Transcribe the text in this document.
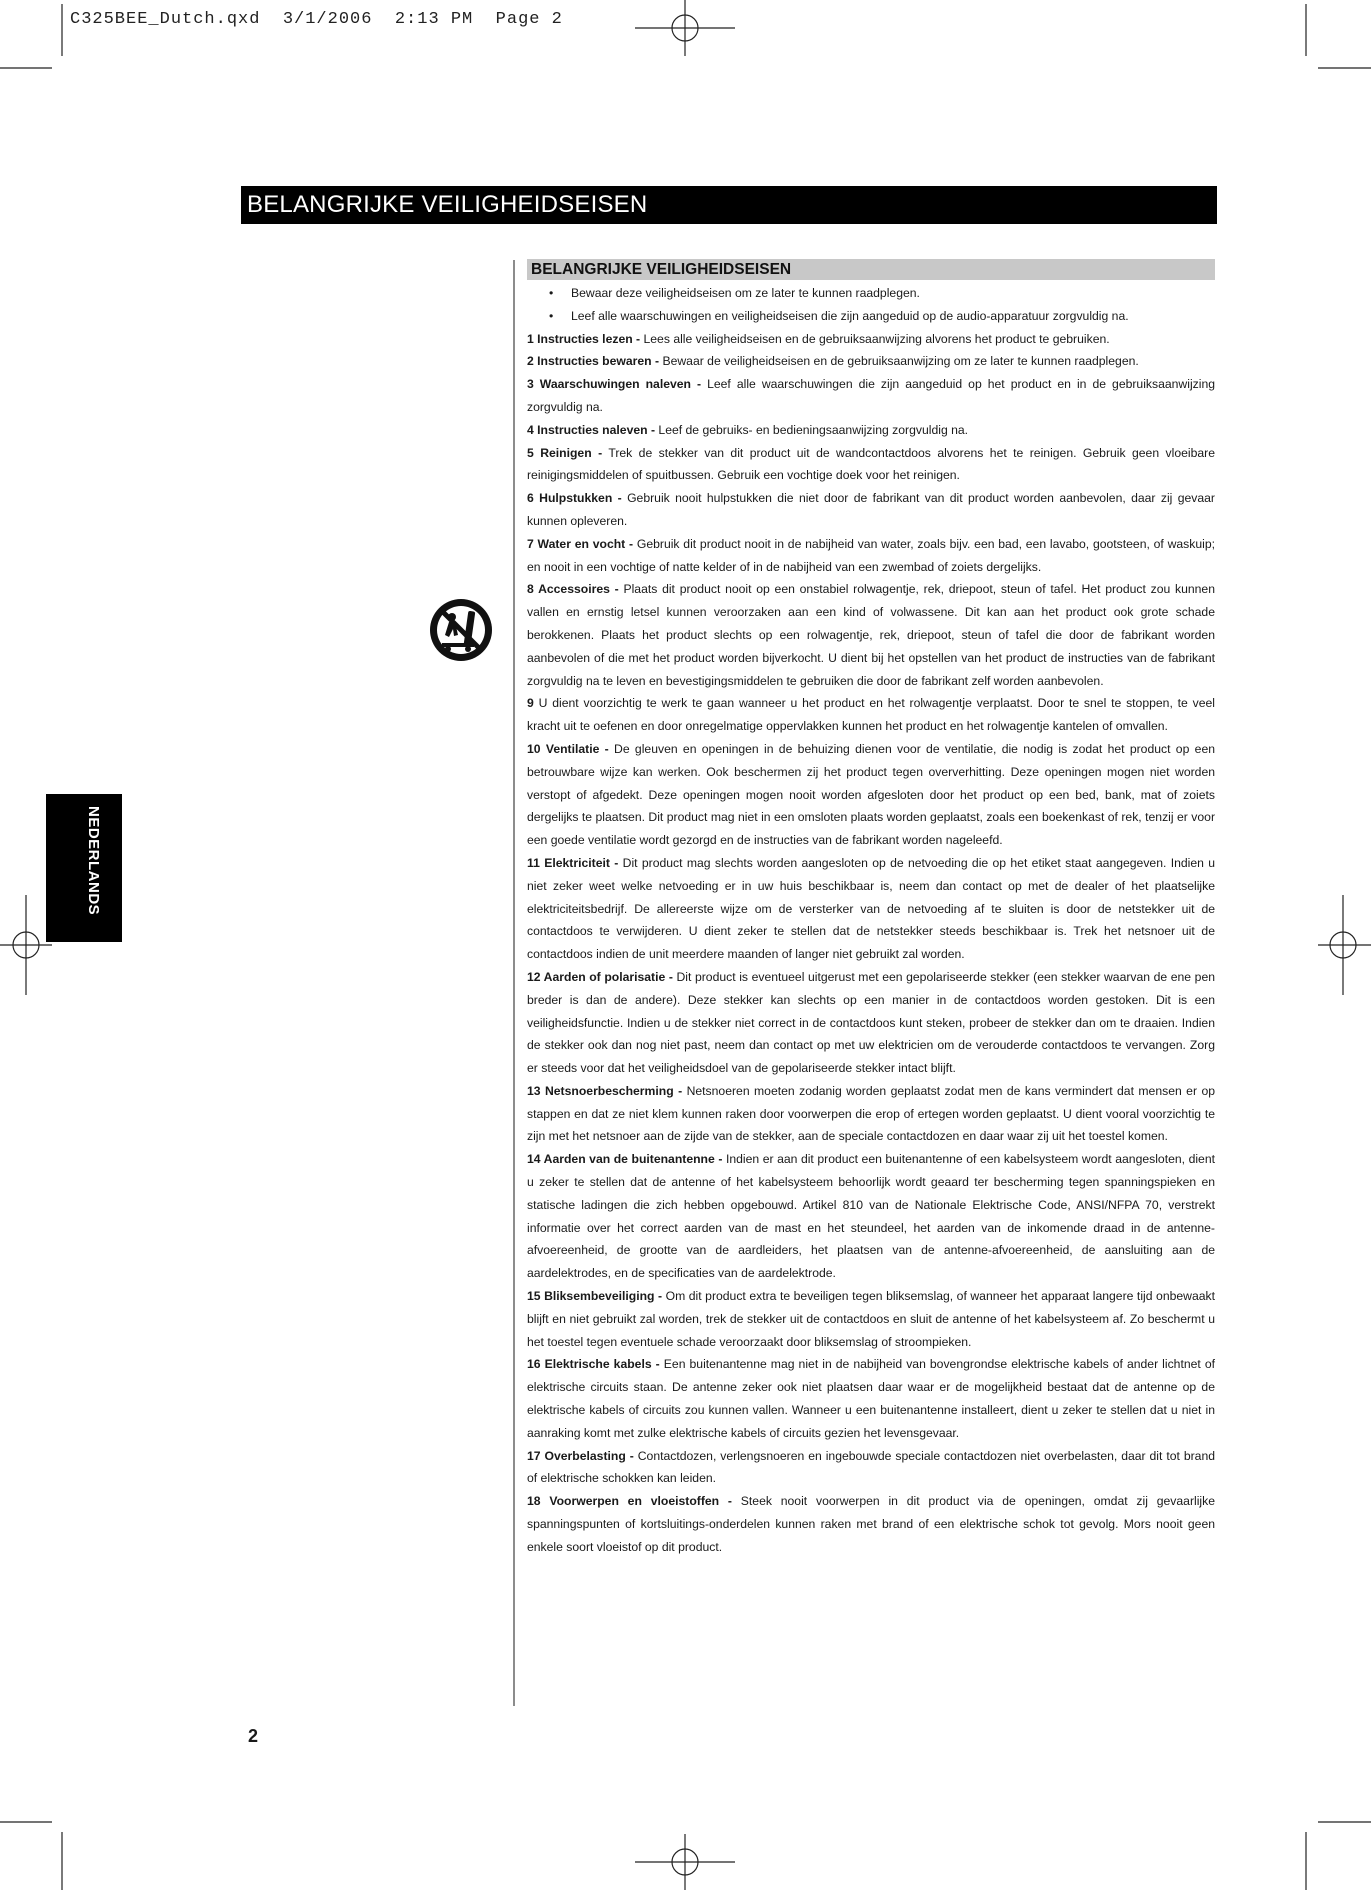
C325BEE_Dutch.qxd  3/1/2006  2:13 PM  Page 2
BELANGRIJKE VEILIGHEIDSEISEN
NEDERLANDS
BELANGRIJKE VEILIGHEIDSEISEN
• Bewaar deze veiligheidseisen om ze later te kunnen raadplegen.
• Leef alle waarschuwingen en veiligheidseisen die zijn aangeduid op de audio-apparatuur zorgvuldig na.

1 Instructies lezen - Lees alle veiligheidseisen en de gebruiksaanwijzing alvorens het product te gebruiken.

2 Instructies bewaren - Bewaar de veiligheidseisen en de gebruiksaanwijzing om ze later te kunnen raadplegen.

3 Waarschuwingen naleven - Leef alle waarschuwingen die zijn aangeduid op het product en in de gebruiksaanwijzing zorgvuldig na.

4 Instructies naleven - Leef de gebruiks- en bedieningsaanwijzing zorgvuldig na.

5 Reinigen - Trek de stekker van dit product uit de wandcontactdoos alvorens het te reinigen. Gebruik geen vloeibare reinigingsmiddelen of spuitbussen. Gebruik een vochtige doek voor het reinigen.

6 Hulpstukken - Gebruik nooit hulpstukken die niet door de fabrikant van dit product worden aanbevolen, daar zij gevaar kunnen opleveren.

7 Water en vocht - Gebruik dit product nooit in de nabijheid van water, zoals bijv. een bad, een lavabo, gootsteen, of waskuip; en nooit in een vochtige of natte kelder of in de nabijheid van een zwembad of zoiets dergelijks.

8 Accessoires - Plaats dit product nooit op een onstabiel rolwagentje, rek, driepoot, steun of tafel. Het product zou kunnen vallen en ernstig letsel kunnen veroorzaken aan een kind of volwassene. Dit kan aan het product ook grote schade berokkenen. Plaats het product slechts op een rolwagentje, rek, driepoot, steun of tafel die door de fabrikant worden aanbevolen of die met het product worden bijverkocht. U dient bij het opstellen van het product de instructies van de fabrikant zorgvuldig na te leven en bevestigingsmiddelen te gebruiken die door de fabrikant zelf worden aanbevolen.

9 U dient voorzichtig te werk te gaan wanneer u het product en het rolwagentje verplaatst. Door te snel te stoppen, te veel kracht uit te oefenen en door onregelmatige oppervlakken kunnen het product en het rolwagentje kantelen of omvallen.

10 Ventilatie - De gleuven en openingen in de behuizing dienen voor de ventilatie, die nodig is zodat het product op een betrouwbare wijze kan werken. Ook beschermen zij het product tegen oververhitting. Deze openingen mogen niet worden verstopt of afgedekt. Deze openingen mogen nooit worden afgesloten door het product op een bed, bank, mat of zoiets dergelijks te plaatsen. Dit product mag niet in een omsloten plaats worden geplaatst, zoals een boekenkast of rek, tenzij er voor een goede ventilatie wordt gezorgd en de instructies van de fabrikant worden nageleefd.

11 Elektriciteit - Dit product mag slechts worden aangesloten op de netvoeding die op het etiket staat aangegeven. Indien u niet zeker weet welke netvoeding er in uw huis beschikbaar is, neem dan contact op met de dealer of het plaatselijke elektriciteitsbedrijf. De allereerste wijze om de versterker van de netvoeding af te sluiten is door de netstekker uit de contactdoos te verwijderen. U dient zeker te stellen dat de netstekker steeds beschikbaar is. Trek het netsnoer uit de contactdoos indien de unit meerdere maanden of langer niet gebruikt zal worden.

12 Aarden of polarisatie - Dit product is eventueel uitgerust met een gepolariseerde stekker (een stekker waarvan de ene pen breder is dan de andere). Deze stekker kan slechts op een manier in de contactdoos worden gestoken. Dit is een veiligheidsfunctie. Indien u de stekker niet correct in de contactdoos kunt steken, probeer de stekker dan om te draaien. Indien de stekker ook dan nog niet past, neem dan contact op met uw elektricien om de verouderde contactdoos te vervangen. Zorg er steeds voor dat het veiligheidsdoel van de gepolariseerde stekker intact blijft.

13 Netsnoerbescherming - Netsnoeren moeten zodanig worden geplaatst zodat men de kans vermindert dat mensen er op stappen en dat ze niet klem kunnen raken door voorwerpen die erop of ertegen worden geplaatst. U dient vooral voorzichtig te zijn met het netsnoer aan de zijde van de stekker, aan de speciale contactdozen en daar waar zij uit het toestel komen.

14 Aarden van de buitenantenne - Indien er aan dit product een buitenantenne of een kabelsysteem wordt aangesloten, dient u zeker te stellen dat de antenne of het kabelsysteem behoorlijk wordt geaard ter bescherming tegen spanningspieken en statische ladingen die zich hebben opgebouwd. Artikel 810 van de Nationale Elektrische Code, ANSI/NFPA 70, verstrekt informatie over het correct aarden van de mast en het steundeel, het aarden van de inkomende draad in de antenne-afvoereenheid, de grootte van de aardleiders, het plaatsen van de antenne-afvoereenheid, de aansluiting aan de aardelektrodes, en de specificaties van de aardelektrode.

15 Bliksembeveiliging - Om dit product extra te beveiligen tegen bliksemslag, of wanneer het apparaat langere tijd onbewaakt blijft en niet gebruikt zal worden, trek de stekker uit de contactdoos en sluit de antenne of het kabelsysteem af. Zo beschermt u het toestel tegen eventuele schade veroorzaakt door bliksemslag of stroompieken.

16 Elektrische kabels - Een buitenantenne mag niet in de nabijheid van bovengrondse elektrische kabels of ander lichtnet of elektrische circuits staan. De antenne zeker ook niet plaatsen daar waar er de mogelijkheid bestaat dat de antenne op de elektrische kabels of circuits zou kunnen vallen. Wanneer u een buitenantenne installeert, dient u zeker te stellen dat u niet in aanraking komt met zulke elektrische kabels of circuits gezien het levensgevaar.

17 Overbelasting - Contactdozen, verlengsnoeren en ingebouwde speciale contactdozen niet overbelasten, daar dit tot brand of elektrische schokken kan leiden.

18 Voorwerpen en vloeistoffen - Steek nooit voorwerpen in dit product via de openingen, omdat zij gevaarlijke spanningspunten of kortsluitings-onderdelen kunnen raken met brand of een elektrische schok tot gevolg. Mors nooit geen enkele soort vloeistof op dit product.

2
